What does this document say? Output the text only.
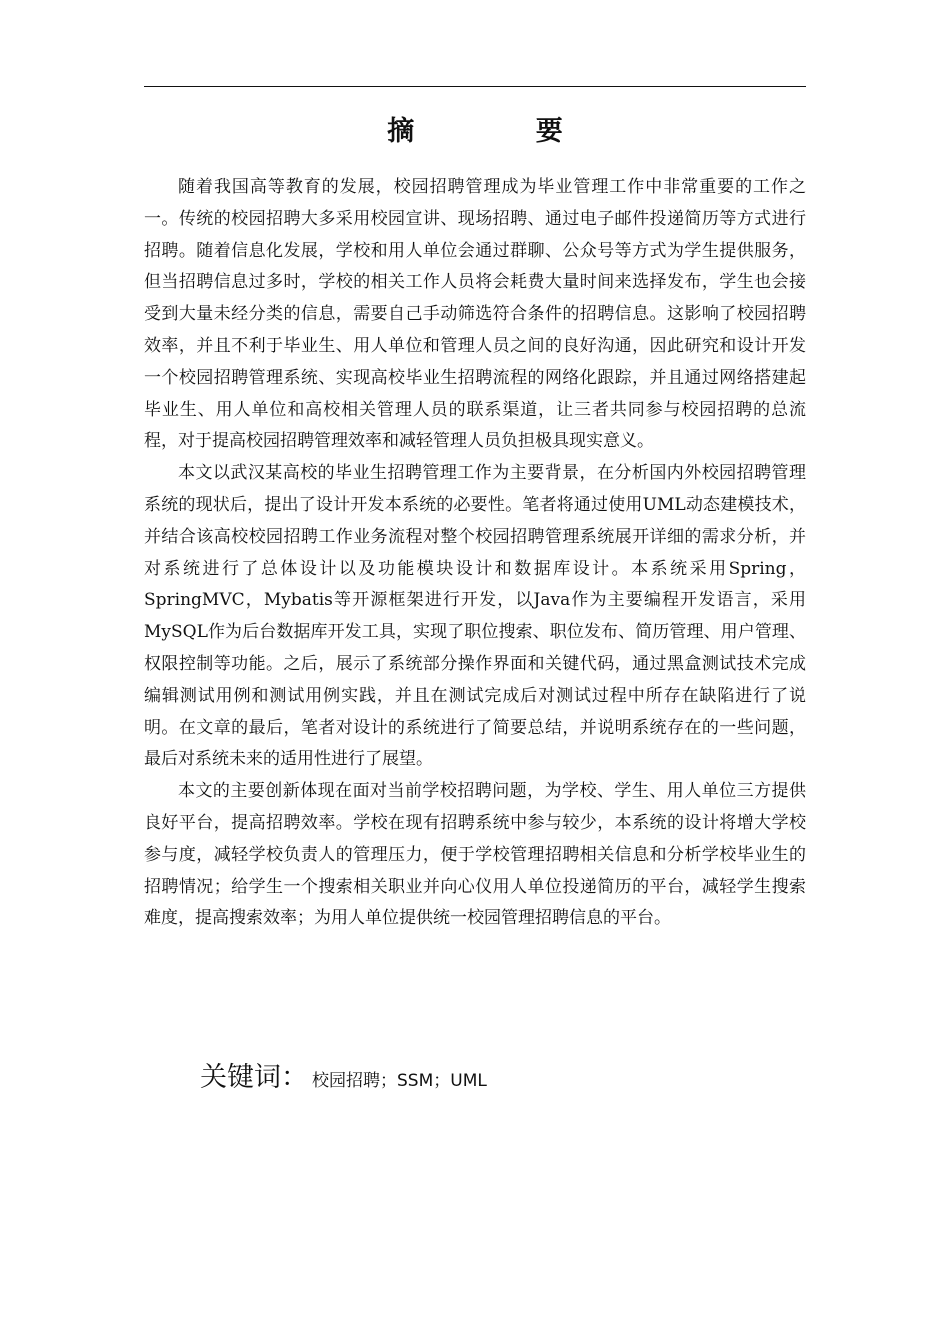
摘 要

随着我国高等教育的发展，校园招聘管理成为毕业管理工作中非常重要的工作之一。传统的校园招聘大多采用校园宣讲、现场招聘、通过电子邮件投递简历等方式进行招聘。随着信息化发展，学校和用人单位会通过群聊、公众号等方式为学生提供服务，但当招聘信息过多时，学校的相关工作人员将会耗费大量时间来选择发布，学生也会接受到大量未经分类的信息，需要自己手动筛选符合条件的招聘信息。这影响了校园招聘效率，并且不利于毕业生、用人单位和管理人员之间的良好沟通，因此研究和设计开发一个校园招聘管理系统、实现高校毕业生招聘流程的网络化跟踪，并且通过网络搭建起毕业生、用人单位和高校相关管理人员的联系渠道，让三者共同参与校园招聘的总流程，对于提高校园招聘管理效率和减轻管理人员负担极具现实意义。

本文以武汉某高校的毕业生招聘管理工作为主要背景，在分析国内外校园招聘管理系统的现状后，提出了设计开发本系统的必要性。笔者将通过使用UML动态建模技术，并结合该高校校园招聘工作业务流程对整个校园招聘管理系统展开详细的需求分析，并对系统进行了总体设计以及功能模块设计和数据库设计。本系统采用Spring，SpringMVC，Mybatis等开源框架进行开发，以Java作为主要编程开发语言，采用MySQL作为后台数据库开发工具，实现了职位搜索、职位发布、简历管理、用户管理、权限控制等功能。之后，展示了系统部分操作界面和关键代码，通过黑盒测试技术完成编辑测试用例和测试用例实践，并且在测试完成后对测试过程中所存在缺陷进行了说明。在文章的最后，笔者对设计的系统进行了简要总结，并说明系统存在的一些问题，最后对系统未来的适用性进行了展望。

本文的主要创新体现在面对当前学校招聘问题，为学校、学生、用人单位三方提供良好平台，提高招聘效率。学校在现有招聘系统中参与较少，本系统的设计将增大学校参与度，减轻学校负责人的管理压力，便于学校管理招聘相关信息和分析学校毕业生的招聘情况；给学生一个搜索相关职业并向心仪用人单位投递简历的平台，减轻学生搜索难度，提高搜索效率；为用人单位提供统一校园管理招聘信息的平台。

关键词： 校园招聘；SSM；UML
